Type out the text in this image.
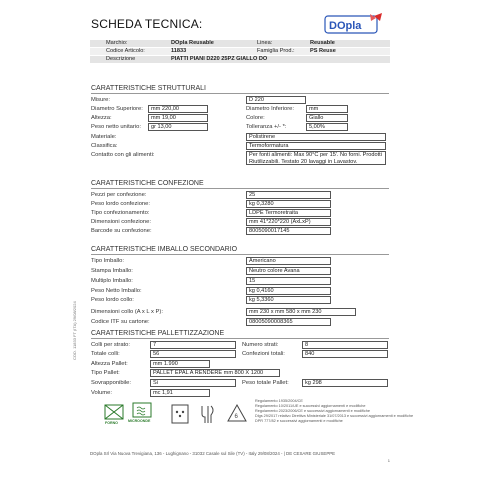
SCHEDA TECNICA:	DOpla
COD. 11833 FT (ITA) 29/08/2024
Marchio:	DOpla Reusable	Linea:	Reusable
Codice Articolo:	11833	Famiglia Prod.:	PS Reuse
Descrizione	PIATTI PIANI D220 25PZ GIALLO DO
CARATTERISTICHE STRUTTURALI
Misure:	D 220
Diametro Superiore:	mm 220,00	Diametro Inferiore:	mm
Altezza:	mm 19,00	Colore:	Giallo
Peso netto unitario:	gr 13,00	Tolleranza +/- *:	5,00%
Materiale:	Polistirene
Classifica:	Termoformatura
Contatto con gli alimenti:	Per fonti alimenti: Max 90°C per 15'. No forni. Prodotti Riutilizzabili. Testato 20 lavaggi in Lavastov.
CARATTERISTICHE CONFEZIONE
Pezzi per confezione:	25
Peso lordo confezione:	kg 0,3280
Tipo confezionamento:	LDPE Termoretraita
Dimensioni confezione:	mm 41*220*220 (AxLxP)
Barcode su confezione:	8005090017145
CARATTERISTICHE IMBALLO SECONDARIO
Tipo Imballo:	Americano
Stampa Imballo:	Neutro colore Avana
Multiplo Imballo:	15
Peso Netto Imballo:	kg 0,4160
Peso lordo collo:	kg 5,3360
Dimensioni collo (A x L x P):	mm 230 x mm 580 x mm 230
Codice ITF su cartone:	08005090008365
CARATTERISTICHE PALLETTIZZAZIONE
Colli per strato:	7	Numero strati:	8
Totale colli:	56	Confezioni totali:	840
Altezza Pallet:	mm 1.990
Tipo Pallet:	PALLET EPAL A RENDERE mm 800 X 1200
Sovrapponibile:	Si	Peso totale Pallet:	kg 298
Volume:	mc 1,91
FORNO	MICROONDE
6
Regolamento 1935/2004/CE
Regolamento 10/2011/UE e successivi aggiornamenti e modifiche
Regolamento 2023/2006/CE e successivi aggiornamenti e modifiche
Dlgs 29/2017 relativo Direttiva Ministeriale 31/07/2013 e successivi aggiornamenti e modifiche
DPR 777/82 e successivi aggiornamenti e modifiche
DOpla Srl Via Nuova Trevigiana, 136 - Lughignano - 31032 Casale sul Sile (TV) - Italy 29/08/2024 - | DE CESARE GIUSEPPE
1
